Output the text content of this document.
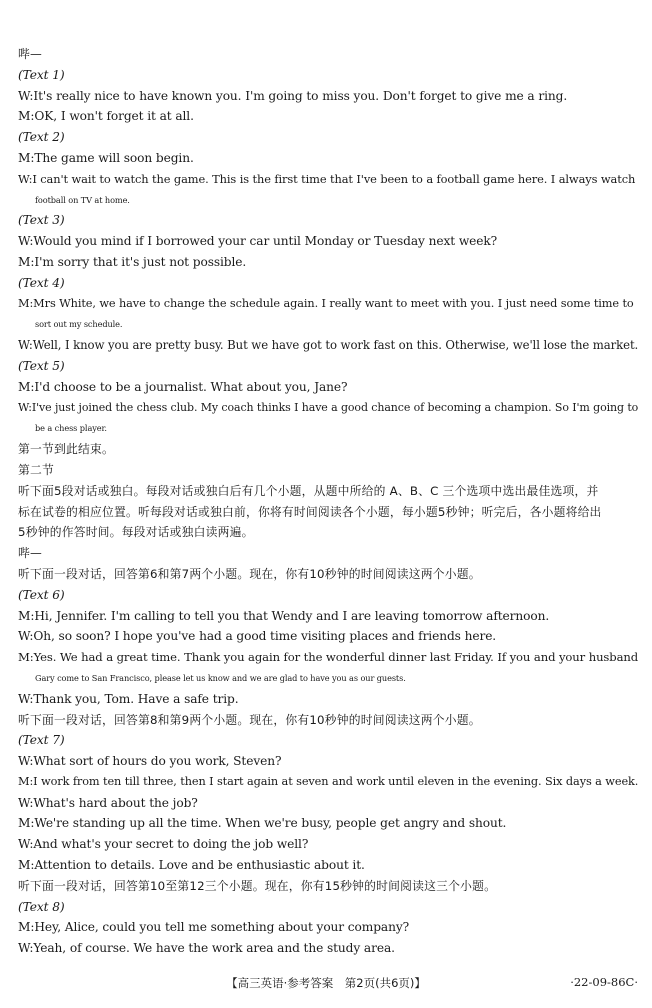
哔—
(Text 1)
W:It's really nice to have known you. I'm going to miss you. Don't forget to give me a ring.
M:OK, I won't forget it at all.
(Text 2)
M:The game will soon begin.
W:I can't wait to watch the game. This is the first time that I've been to a football game here. I always watch
football on TV at home.
(Text 3)
W:Would you mind if I borrowed your car until Monday or Tuesday next week?
M:I'm sorry that it's just not possible.
(Text 4)
M:Mrs White, we have to change the schedule again. I really want to meet with you. I just need some time to
sort out my schedule.
W:Well, I know you are pretty busy. But we have got to work fast on this. Otherwise, we'll lose the market.
(Text 5)
M:I'd choose to be a journalist. What about you, Jane?
W:I've just joined the chess club. My coach thinks I have a good chance of becoming a champion. So I'm going to
be a chess player.
第一节到此结束。
第二节
听下面5段对话或独白。每段对话或独白后有几个小题，从题中所给的 A、B、C 三个选项中选出最佳选项，并
标在试卷的相应位置。听每段对话或独白前，你将有时间阅读各个小题，每小题5秒钟；听完后，各小题将给出
5秒钟的作答时间。每段对话或独白读两遍。
哔—
听下面一段对话，回答第6和第7两个小题。现在，你有10秒钟的时间阅读这两个小题。
(Text 6)
M:Hi, Jennifer. I'm calling to tell you that Wendy and I are leaving tomorrow afternoon.
W:Oh, so soon? I hope you've had a good time visiting places and friends here.
M:Yes. We had a great time. Thank you again for the wonderful dinner last Friday. If you and your husband
Gary come to San Francisco, please let us know and we are glad to have you as our guests.
W:Thank you, Tom. Have a safe trip.
听下面一段对话，回答第8和第9两个小题。现在，你有10秒钟的时间阅读这两个小题。
(Text 7)
W:What sort of hours do you work, Steven?
M:I work from ten till three, then I start again at seven and work until eleven in the evening. Six days a week.
W:What's hard about the job?
M:We're standing up all the time. When we're busy, people get angry and shout.
W:And what's your secret to doing the job well?
M:Attention to details. Love and be enthusiastic about it.
听下面一段对话，回答第10至第12三个小题。现在，你有15秒钟的时间阅读这三个小题。
(Text 8)
M:Hey, Alice, could you tell me something about your company?
W:Yeah, of course. We have the work area and the study area.
【高三英语·参考答案　第2页(共6页)】	·22-09-86C·
